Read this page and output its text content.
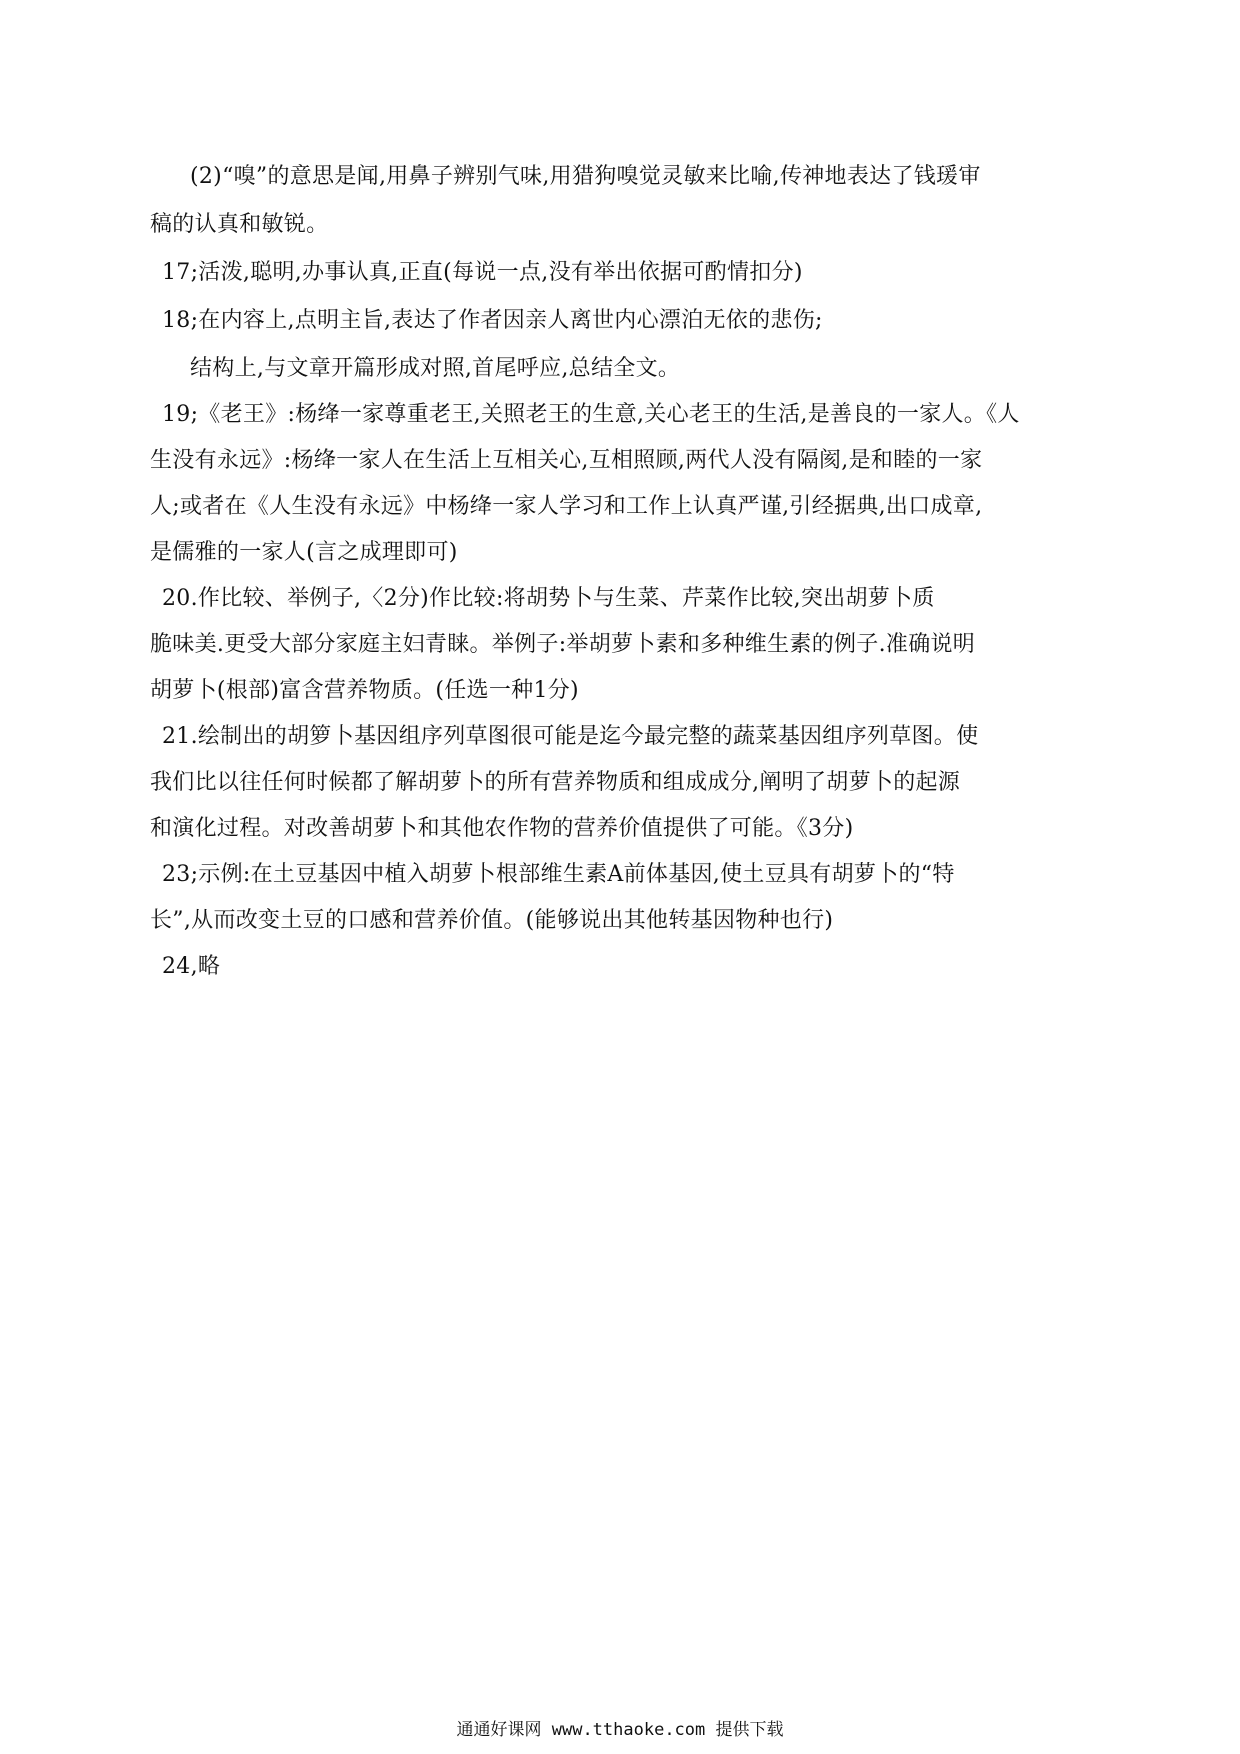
(2)“嗅”的意思是闻,用鼻子辨别气味,用猎狗嗅觉灵敏来比喻,传神地表达了钱瑗审
稿的认真和敏锐。
17;活泼,聪明,办事认真,正直(每说一点,没有举出依据可酌情扣分)
18;在内容上,点明主旨,表达了作者因亲人离世内心漂泊无依的悲伤;
结构上,与文章开篇形成对照,首尾呼应,总结全文。
19;《老王》:杨绛一家尊重老王,关照老王的生意,关心老王的生活,是善良的一家人。《人
生没有永远》:杨绛一家人在生活上互相关心,互相照顾,两代人没有隔阂,是和睦的一家
人;或者在《人生没有永远》中杨绛一家人学习和工作上认真严谨,引经据典,出口成章,
是儒雅的一家人(言之成理即可)
20.作比较、举例子,〈2分)作比较:将胡势卜与生菜、芹菜作比较,突出胡萝卜质
脆味美.更受大部分家庭主妇青睐。举例子:举胡萝卜素和多种维生素的例子.准确说明
胡萝卜(根部)富含营养物质。(任选一种1分)
21.绘制出的胡箩卜基因组序列草图很可能是迄今最完整的蔬菜基因组序列草图。使
我们比以往任何时候都了解胡萝卜的所有营养物质和组成成分,阐明了胡萝卜的起源
和演化过程。对改善胡萝卜和其他农作物的营养价值提供了可能。《3分)
23;示例:在土豆基因中植入胡萝卜根部维生素A前体基因,使土豆具有胡萝卜的“特
长”,从而改变土豆的口感和营养价值。(能够说出其他转基因物种也行)
24,略
通通好课网 www.tthaoke.com 提供下载
